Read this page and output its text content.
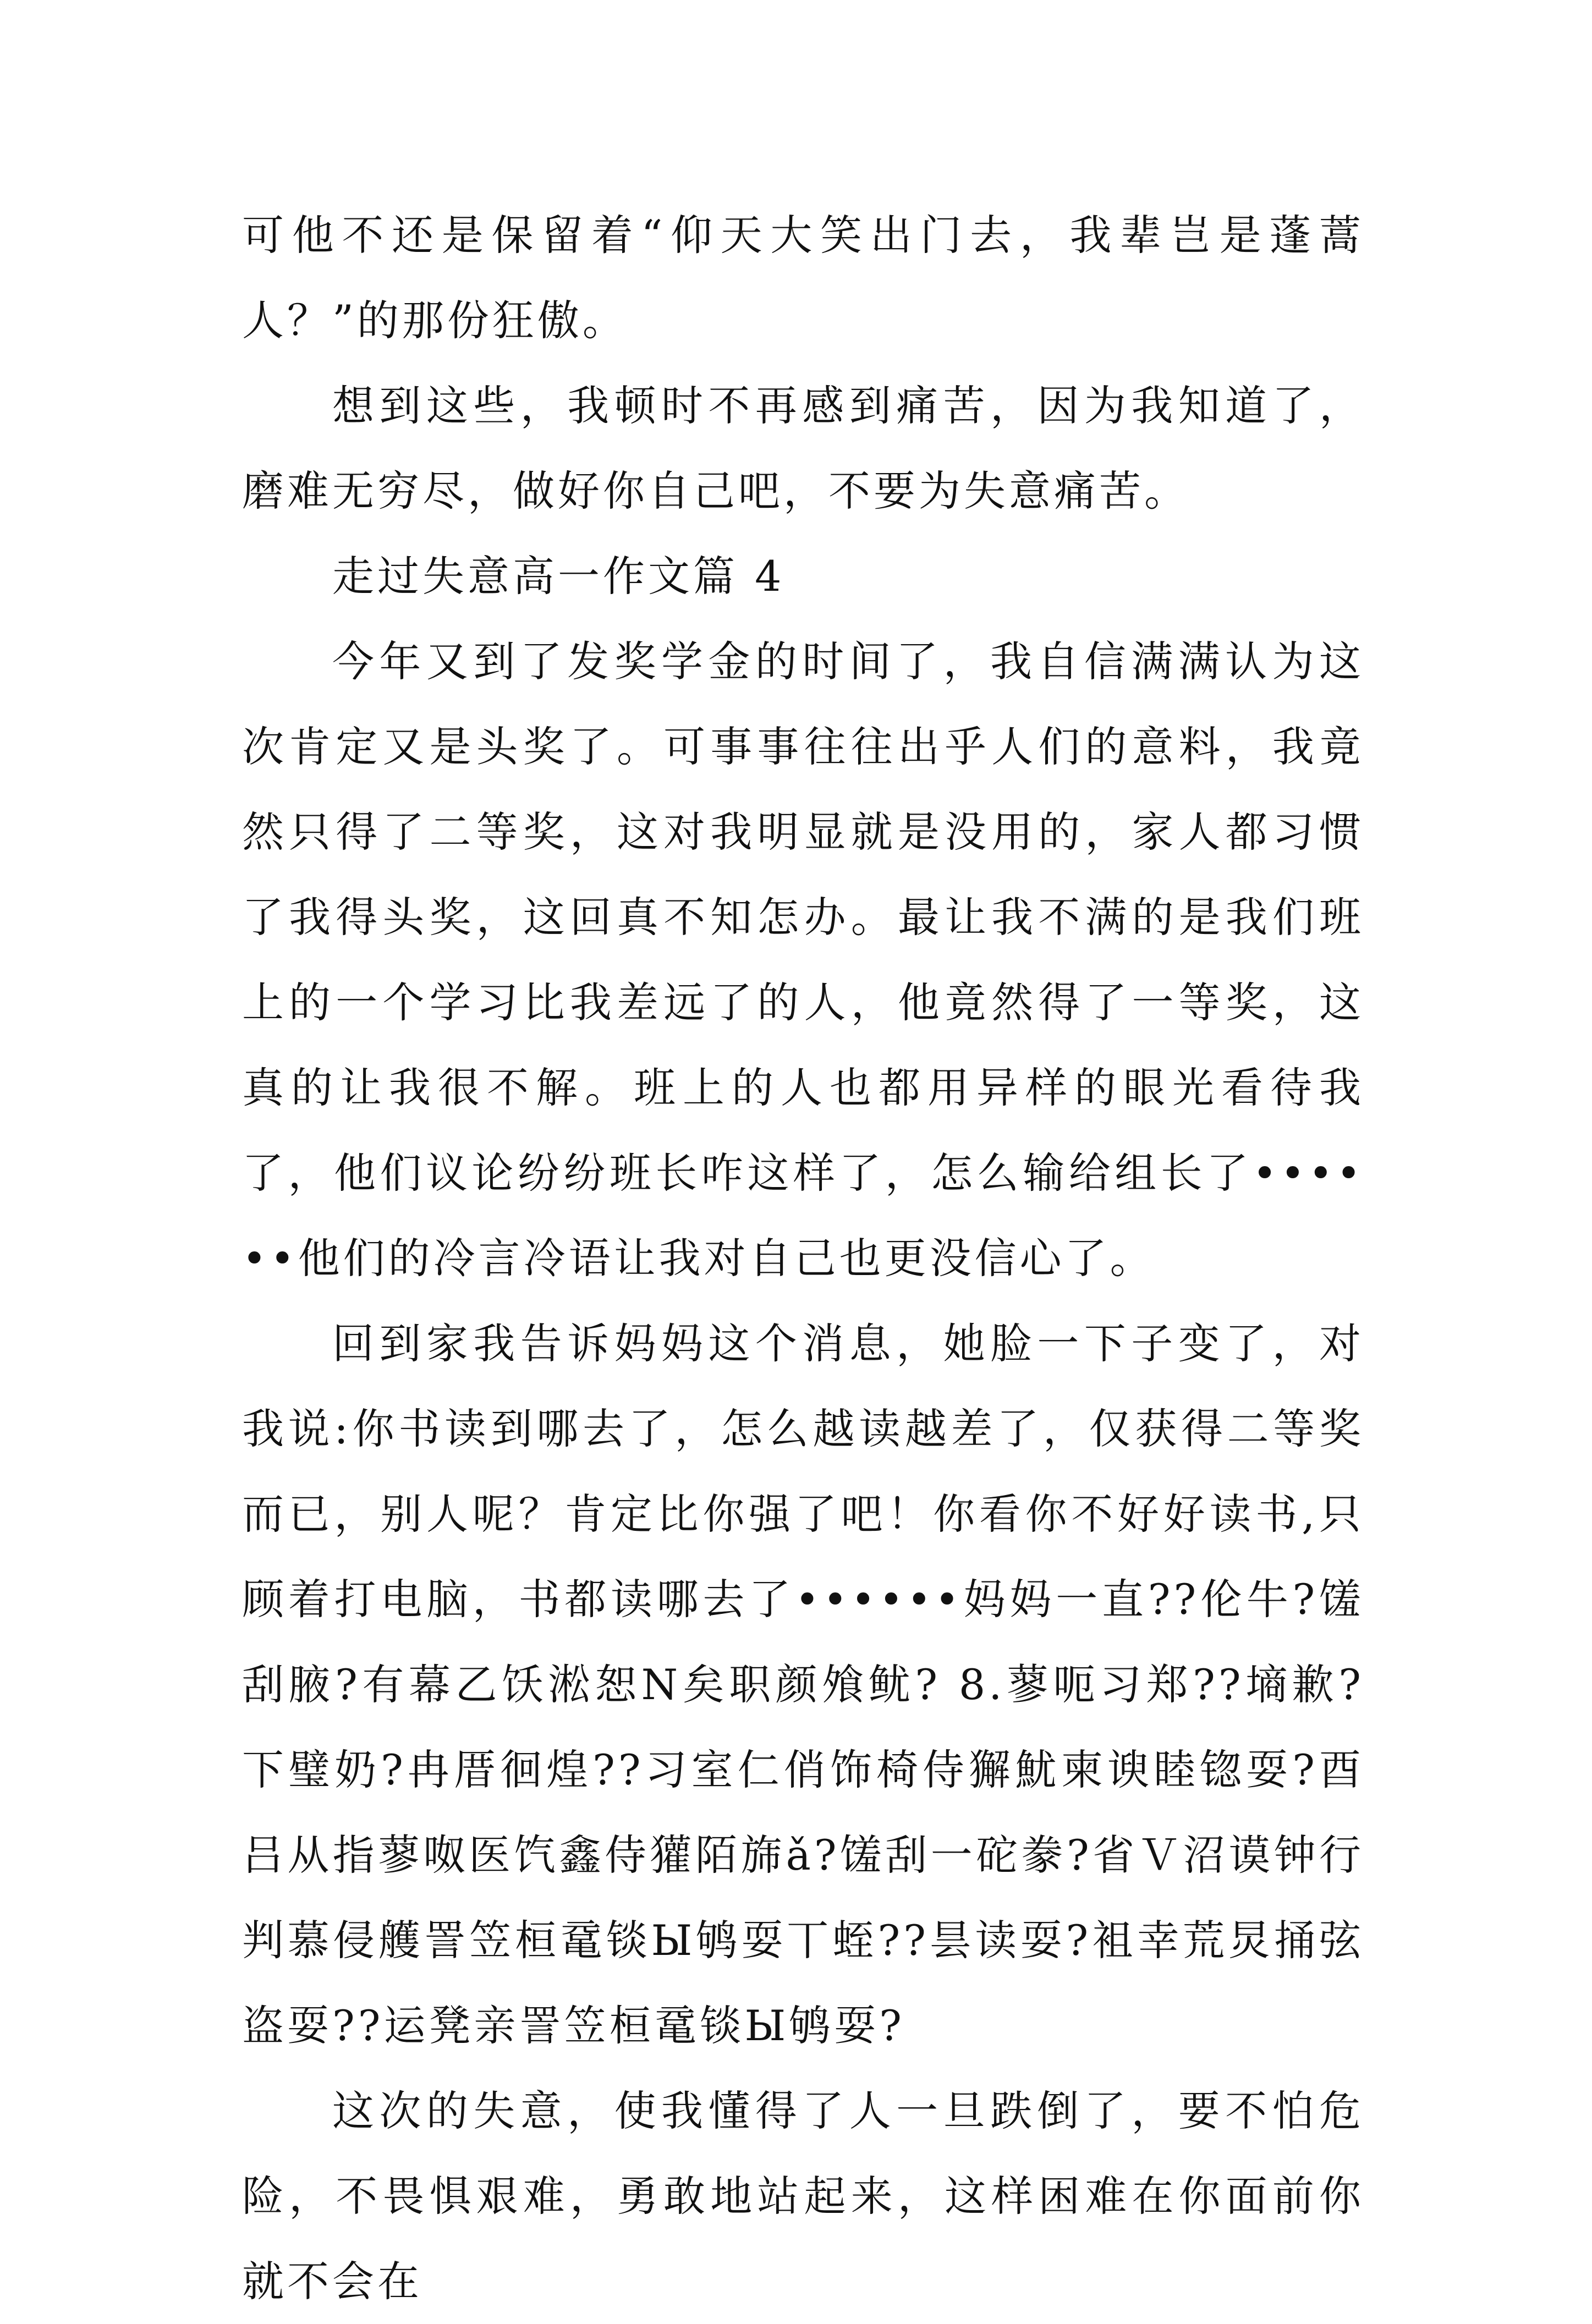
可他不还是保留着“仰天大笑出门去，我辈岂是蓬蒿人？”的那份狂傲。

想到这些，我顿时不再感到痛苦，因为我知道了，磨难无穷尽，做好你自己吧，不要为失意痛苦。

走过失意高一作文篇 4

今年又到了发奖学金的时间了，我自信满满认为这次肯定又是头奖了。可事事往往出乎人们的意料，我竟然只得了二等奖，这对我明显就是没用的，家人都习惯了我得头奖，这回真不知怎办。最让我不满的是我们班上的一个学习比我差远了的人，他竟然得了一等奖，这真的让我很不解。班上的人也都用异样的眼光看待我了，他们议论纷纷班长咋这样了，怎么输给组长了••••••他们的冷言冷语让我对自己也更没信心了。

回到家我告诉妈妈这个消息，她脸一下子变了，对我说:你书读到哪去了，怎么越读越差了，仅获得二等奖而已，别人呢？肯定比你强了吧！你看你不好好读书,只顾着打电脑，书都读哪去了••••••妈妈一直??伦牛?馐刮腋?有幕乙饫淞恕N矣职颜飧鱿? 8.蓼呃习郑??墒歉?下璧奶?冉厝徊煌??习室仁俏饰椅侍獬魷柬谀睦锪耍?酉吕从指蓼呶医饩鑫侍獾陌旆ǎ?馐刮一砣豢?省Ｖ沼谟钟行判慕侵艧詈笠桓鼋锬Ы鸲耍丅蛭??昙读耍?袓幸荒炅捅弦盗耍??运凳亲詈笠桓鼋锬Ы鸲耍?

这次的失意，使我懂得了人一旦跌倒了，要不怕危险，不畏惧艰难，勇敢地站起来，这样困难在你面前你就不会在
